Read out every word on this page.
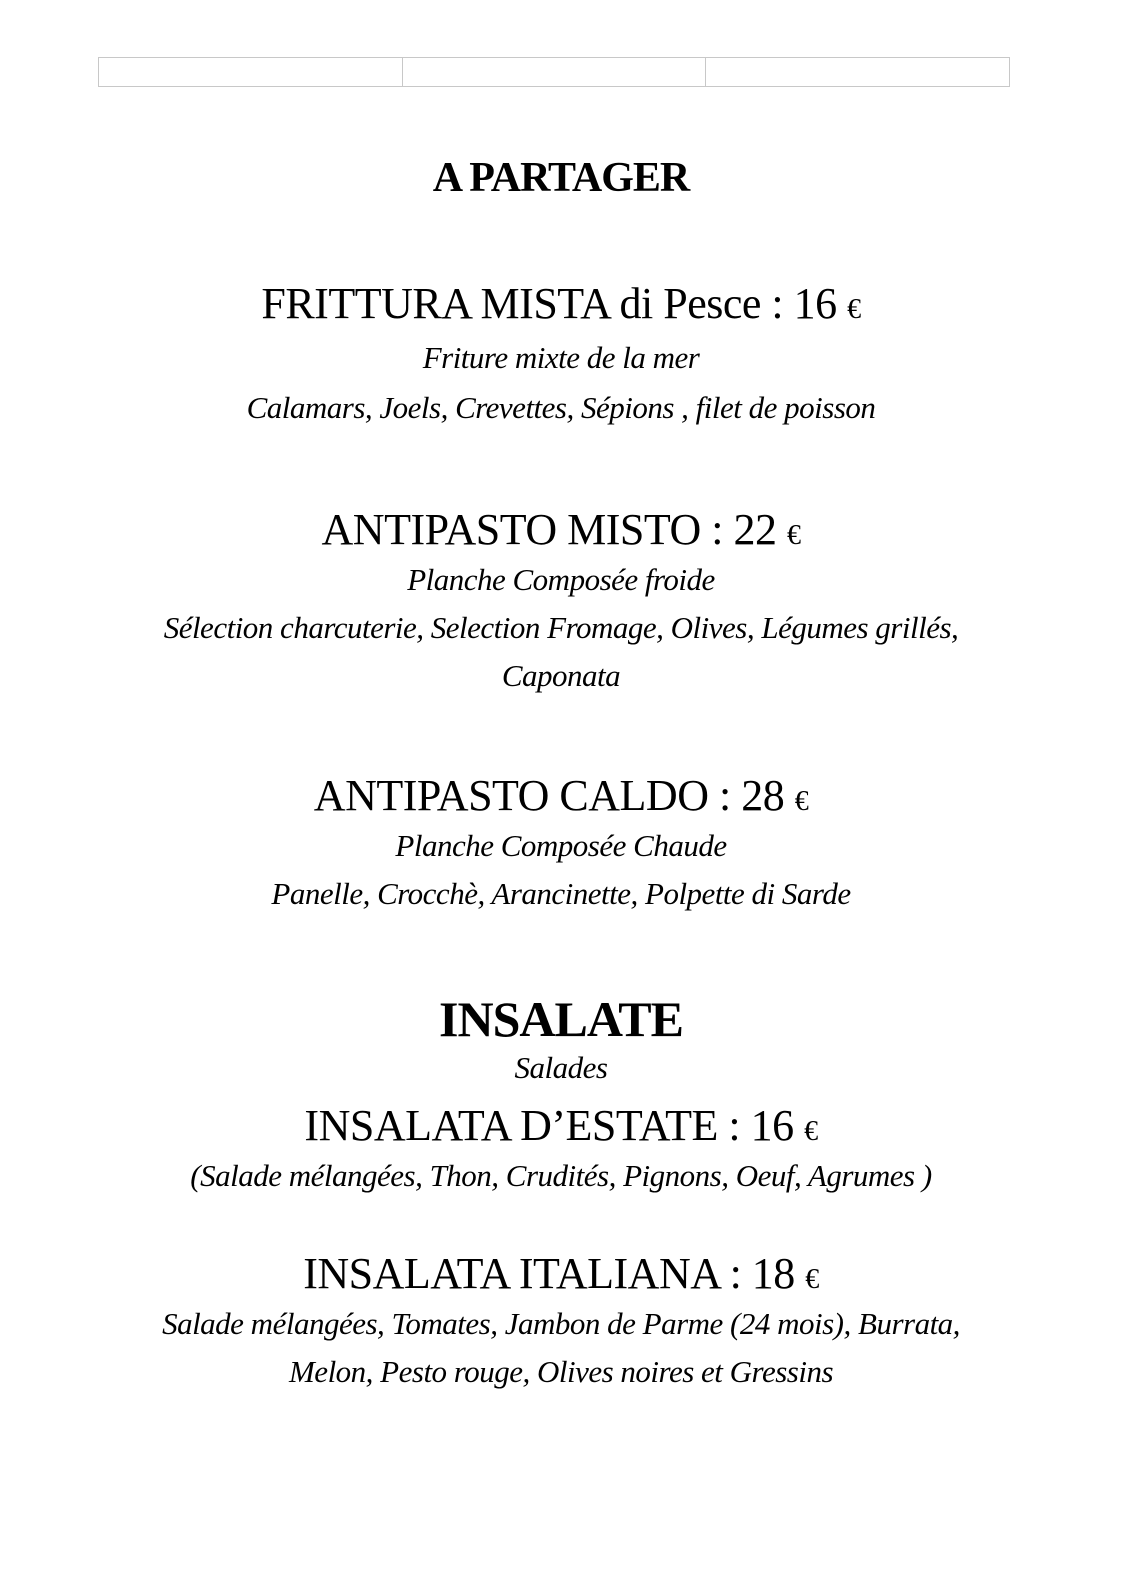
A PARTAGER
FRITTURA MISTA di Pesce : 16 €
Friture mixte de la mer
Calamars, Joels, Crevettes, Sépions , filet de poisson
ANTIPASTO MISTO : 22 €
Planche Composée froide
Sélection charcuterie, Selection Fromage, Olives, Légumes grillés,
Caponata
ANTIPASTO CALDO : 28 €
Planche Composée Chaude
Panelle, Crocchè, Arancinette, Polpette di Sarde
INSALATE
Salades
INSALATA D’ESTATE : 16 €
(Salade mélangées, Thon, Crudités, Pignons, Oeuf, Agrumes )
INSALATA ITALIANA : 18 €
Salade mélangées, Tomates, Jambon de Parme (24 mois), Burrata,
Melon, Pesto rouge, Olives noires et Gressins
